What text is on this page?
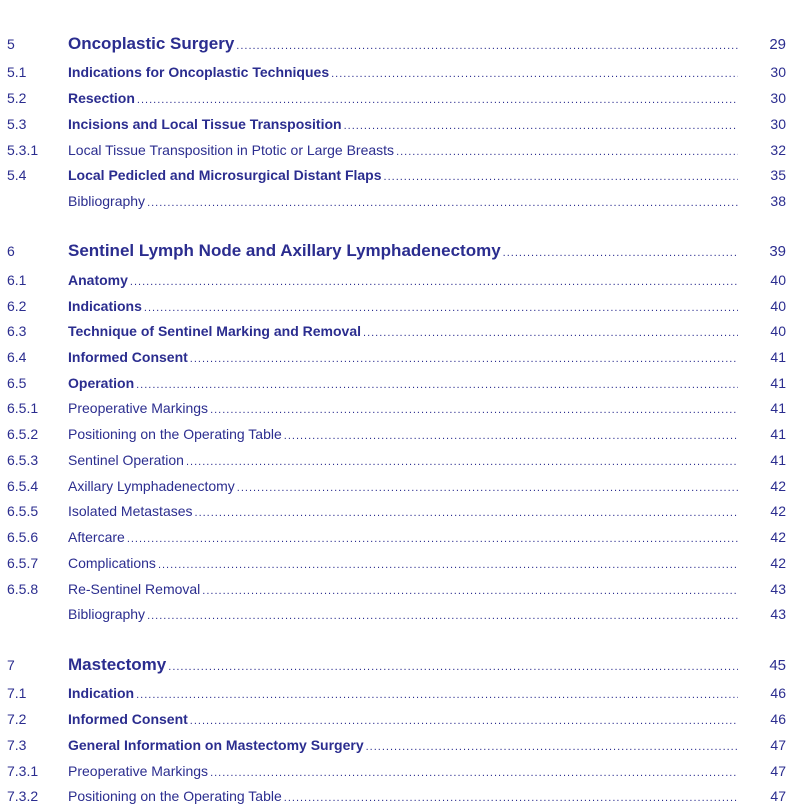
5	Oncoplastic Surgery .....	29
5.1	Indications for Oncoplastic Techniques .....	30
5.2	Resection .....	30
5.3	Incisions and Local Tissue Transposition .....	30
5.3.1	Local Tissue Transposition in Ptotic or Large Breasts .....	32
5.4	Local Pedicled and Microsurgical Distant Flaps .....	35
Bibliography .....	38
6	Sentinel Lymph Node and Axillary Lymphadenectomy .....	39
6.1	Anatomy .....	40
6.2	Indications .....	40
6.3	Technique of Sentinel Marking and Removal .....	40
6.4	Informed Consent .....	41
6.5	Operation .....	41
6.5.1	Preoperative Markings .....	41
6.5.2	Positioning on the Operating Table .....	41
6.5.3	Sentinel Operation .....	41
6.5.4	Axillary Lymphadenectomy .....	42
6.5.5	Isolated Metastases .....	42
6.5.6	Aftercare .....	42
6.5.7	Complications .....	42
6.5.8	Re-Sentinel Removal .....	43
Bibliography .....	43
7	Mastectomy .....	45
7.1	Indication .....	46
7.2	Informed Consent .....	46
7.3	General Information on Mastectomy Surgery .....	47
7.3.1	Preoperative Markings .....	47
7.3.2	Positioning on the Operating Table .....	47
